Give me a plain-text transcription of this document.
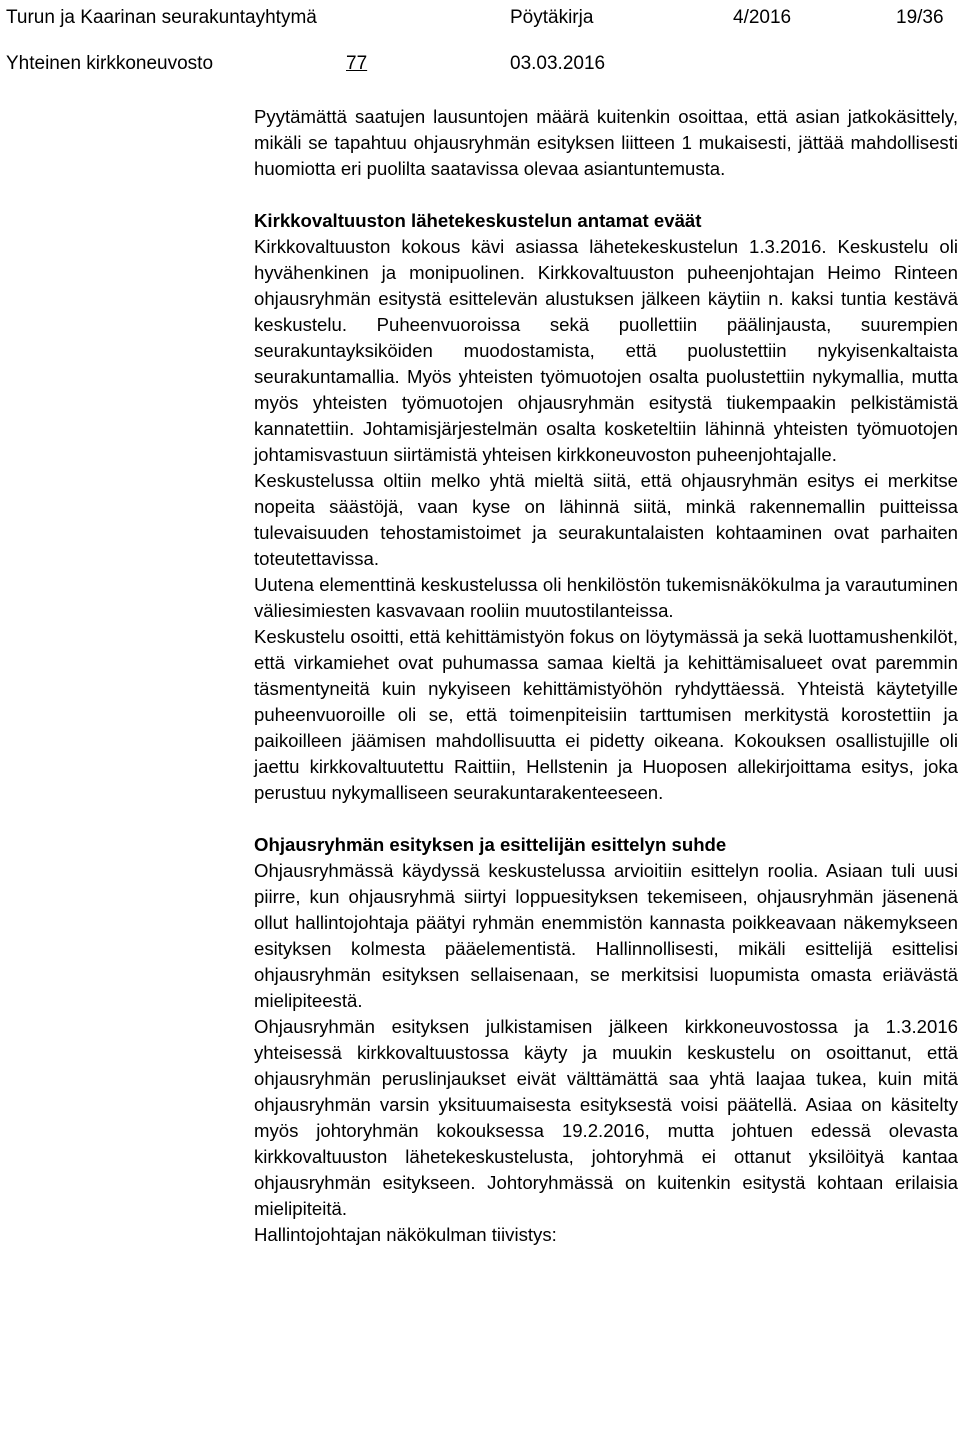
Turun ja Kaarinan seurakuntayhtymä	Pöytäkirja	4/2016	19/36
Yhteinen kirkkoneuvosto	77	03.03.2016

Pyytämättä saatujen lausuntojen määrä kuitenkin osoittaa, että asian jatkokäsittely, mikäli se tapahtuu ohjausryhmän esityksen liitteen 1 mukaisesti, jättää mahdollisesti huomiotta eri puolilta saatavissa olevaa asiantuntemusta.

Kirkkovaltuuston lähetekeskustelun antamat eväät

Kirkkovaltuuston kokous kävi asiassa lähetekeskustelun 1.3.2016. Keskustelu oli hyvähenkinen ja monipuolinen. Kirkkovaltuuston puheenjohtajan Heimo Rinteen ohjausryhmän esitystä esittelevän alustuksen jälkeen käytiin n. kaksi tuntia kestävä keskustelu. Puheenvuoroissa sekä puollettiin päälinjausta, suurempien seurakuntayksiköiden muodostamista, että puolustettiin nykyisenkaltaista seurakuntamallia. Myös yhteisten työmuotojen osalta puolustettiin nykymallia, mutta myös yhteisten työmuotojen ohjausryhmän esitystä tiukempaakin pelkistämistä kannatettiin. Johtamisjärjestelmän osalta kosketeltiin lähinnä yhteisten työmuotojen johtamisvastuun siirtämistä yhteisen kirkkoneuvoston puheenjohtajalle.

Keskustelussa oltiin melko yhtä mieltä siitä, että ohjausryhmän esitys ei merkitse nopeita säästöjä, vaan kyse on lähinnä siitä, minkä rakennemallin puitteissa tulevaisuuden tehostamistoimet ja seurakuntalaisten kohtaaminen ovat parhaiten toteutettavissa.

Uutena elementtinä keskustelussa oli henkilöstön tukemisnäkökulma ja varautuminen väliesimiesten kasvavaan rooliin muutostilanteissa.

Keskustelu osoitti, että kehittämistyön fokus on löytymässä ja sekä luottamushenkilöt, että virkamiehet ovat puhumassa samaa kieltä ja kehittämisalueet ovat paremmin täsmentyneitä kuin nykyiseen kehittämistyöhön ryhdyttäessä. Yhteistä käytetyille puheenvuoroille oli se, että toimenpiteisiin tarttumisen merkitystä korostettiin ja paikoilleen jäämisen mahdollisuutta ei pidetty oikeana. Kokouksen osallistujille oli jaettu kirkkovaltuutettu Raittiin, Hellstenin ja Huoposen allekirjoittama esitys, joka perustuu nykymalliseen seurakuntarakenteeseen.

Ohjausryhmän esityksen ja esittelijän esittelyn suhde

Ohjausryhmässä käydyssä keskustelussa arvioitiin esittelyn roolia. Asiaan tuli uusi piirre, kun ohjausryhmä siirtyi loppuesityksen tekemiseen, ohjausryhmän jäsenenä ollut hallintojohtaja päätyi ryhmän enemmistön kannasta poikkeavaan näkemykseen esityksen kolmesta pääelementistä. Hallinnollisesti, mikäli esittelijä esittelisi ohjausryhmän esityksen sellaisenaan, se merkitsisi luopumista omasta eriävästä mielipiteestä.

Ohjausryhmän esityksen julkistamisen jälkeen kirkkoneuvostossa ja 1.3.2016 yhteisessä kirkkovaltuustossa käyty ja muukin keskustelu on osoittanut, että ohjausryhmän peruslinjaukset eivät välttämättä saa yhtä laajaa tukea, kuin mitä ohjausryhmän varsin yksituumaisesta esityksestä voisi päätellä. Asiaa on käsitelty myös johtoryhmän kokouksessa 19.2.2016, mutta johtuen edessä olevasta kirkkovaltuuston lähetekeskustelusta, johtoryhmä ei ottanut yksilöityä kantaa ohjausryhmän esitykseen. Johtoryhmässä on kuitenkin esitystä kohtaan erilaisia mielipiteitä.

Hallintojohtajan näkökulman tiivistys:
